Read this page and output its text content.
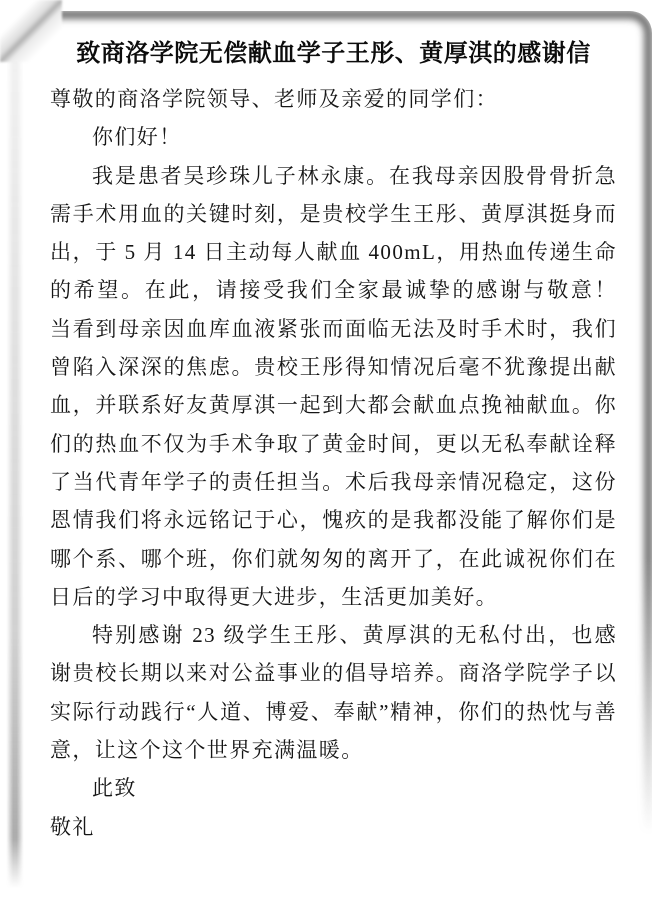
致商洛学院无偿献血学子王彤、黄厚淇的感谢信

尊敬的商洛学院领导、老师及亲爱的同学们：

你们好！

我是患者吴珍珠儿子林永康。在我母亲因股骨骨折急需手术用血的关键时刻，是贵校学生王彤、黄厚淇挺身而出，于 5 月 14 日主动每人献血 400mL，用热血传递生命的希望。在此，请接受我们全家最诚挚的感谢与敬意！　当看到母亲因血库血液紧张而面临无法及时手术时，我们曾陷入深深的焦虑。贵校王彤得知情况后毫不犹豫提出献血，并联系好友黄厚淇一起到大都会献血点挽袖献血。你们的热血不仅为手术争取了黄金时间，更以无私奉献诠释了当代青年学子的责任担当。术后我母亲情况稳定，这份恩情我们将永远铭记于心，愧疚的是我都没能了解你们是哪个系、哪个班，你们就匆匆的离开了，在此诚祝你们在日后的学习中取得更大进步，生活更加美好。

特别感谢 23 级学生王彤、黄厚淇的无私付出，也感谢贵校长期以来对公益事业的倡导培养。商洛学院学子以实际行动践行“人道、博爱、奉献”精神，你们的热忱与善意，让这个这个世界充满温暖。

此致

敬礼
